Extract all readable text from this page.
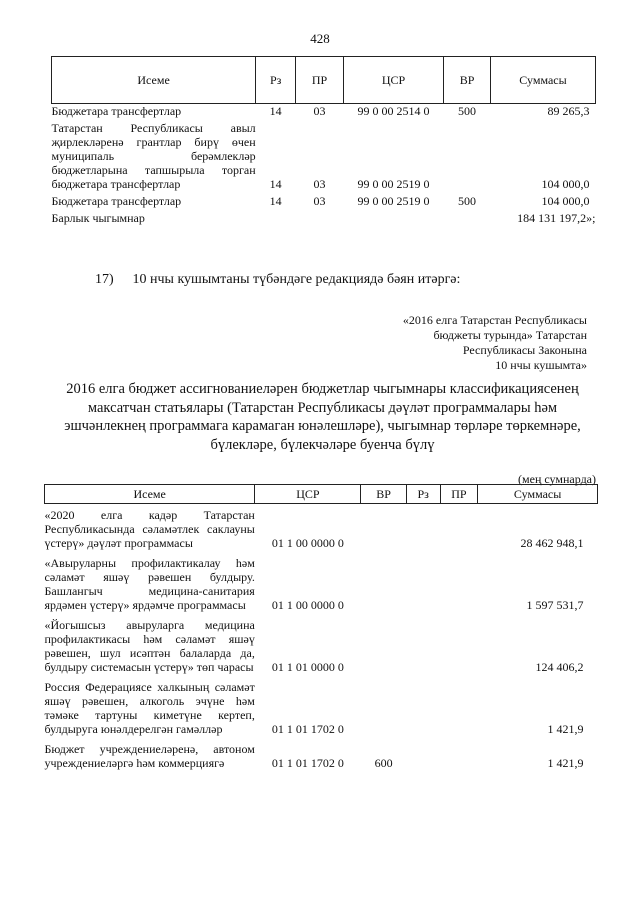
428
Исеме	Рз	ПР	ЦСР	ВР	Суммасы
Бюджетара трансфертлар	14	03	99 0 00 2514 0	500	89 265,3
Татарстан Республикасы авыл җирлекләренә грантлар бирү өчен муниципаль берәмлекләр бюджетларына тапшырыла торган бюджетара трансфертлар	14	03	99 0 00 2519 0		104 000,0
Бюджетара трансфертлар	14	03	99 0 00 2519 0	500	104 000,0
Барлык чыгымнар					184 131 197,2»;
17) 10 нчы кушымтаны түбәндәге редакциядә бәян итәргә:
«2016 елга Татарстан Республикасы
бюджеты турында» Татарстан
Республикасы Законына
10 нчы кушымта»
2016 елга бюджет ассигнованиеләрен бюджетлар чыгымнары классификациясенең
максатчан статьялары (Татарстан Республикасы дәүләт программалары һәм
эшчәнлекнең программага карамаган юнәлешләре), чыгымнар төрләре төркемнәре,
бүлекләре, бүлекчәләре буенча бүлү
(мең сумнарда)
Исеме	ЦСР	ВР	Рз	ПР	Суммасы
«2020 елга кадәр Татарстан Республикасында сәламәтлек саклауны үстерү» дәүләт программасы	01 1 00 0000 0				28 462 948,1
«Авыруларны профилактикалау һәм сәламәт яшәү рәвешен булдыру. Башлангыч медицина-санитария ярдәмен үстерү» ярдәмче программасы	01 1 00 0000 0				1 597 531,7
«Йогышсыз авыруларга медицина профилактикасы һәм сәламәт яшәү рәвешен, шул исәптән балаларда да, булдыру системасын үстерү» төп чарасы	01 1 01 0000 0				124 406,2
Россия Федерациясе халкының сәламәт яшәү рәвешен, алкоголь эчүне һәм тәмәке тартуны киметүне кертеп, булдыруга юнәлдерелгән гамәлләр	01 1 01 1702 0				1 421,9
Бюджет учреждениеләренә, автоном учреждениеләргә һәм коммерциягә	01 1 01 1702 0	600			1 421,9
